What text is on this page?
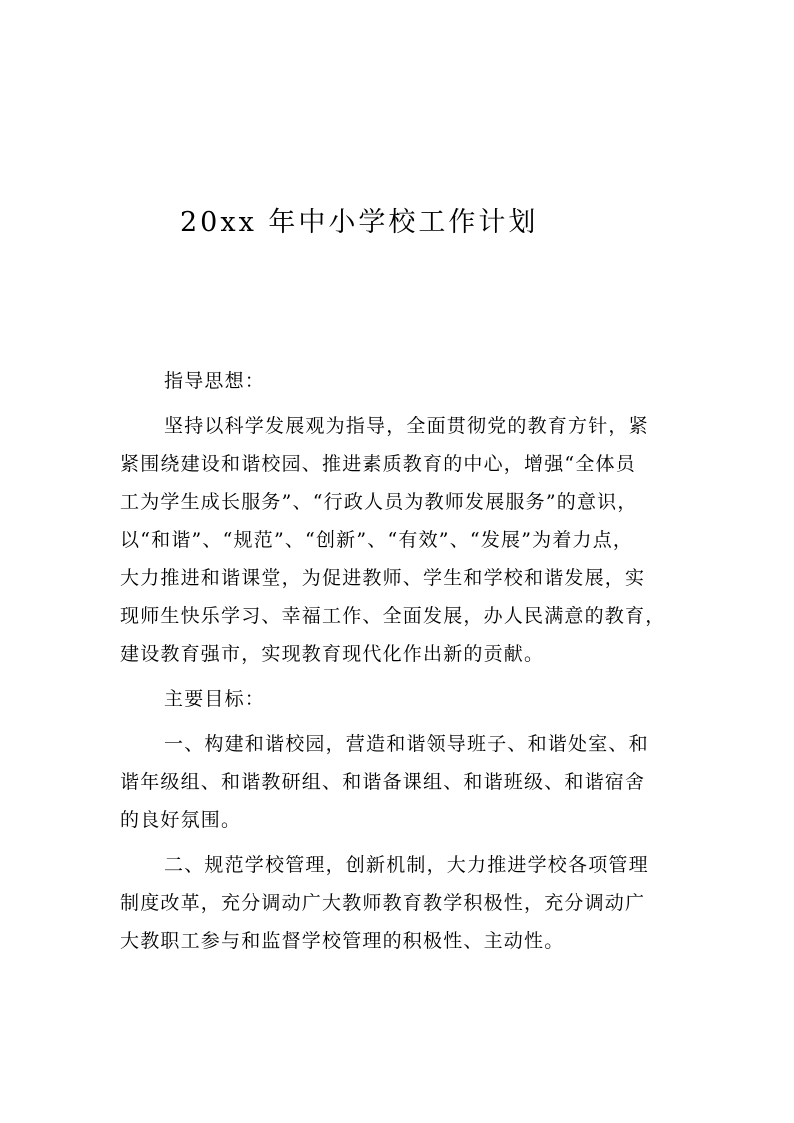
20xx 年中小学校工作计划
指导思想：
坚持以科学发展观为指导，全面贯彻党的教育方针，紧
紧围绕建设和谐校园、推进素质教育的中心，增强“全体员
工为学生成长服务”、“行政人员为教师发展服务”的意识，
以“和谐”、“规范”、“创新”、“有效”、“发展”为着力点，
大力推进和谐课堂，为促进教师、学生和学校和谐发展，实
现师生快乐学习、幸福工作、全面发展，办人民满意的教育，
建设教育强市，实现教育现代化作出新的贡献。
主要目标：
一、构建和谐校园，营造和谐领导班子、和谐处室、和
谐年级组、和谐教研组、和谐备课组、和谐班级、和谐宿舍
的良好氛围。
二、规范学校管理，创新机制，大力推进学校各项管理
制度改革，充分调动广大教师教育教学积极性，充分调动广
大教职工参与和监督学校管理的积极性、主动性。
